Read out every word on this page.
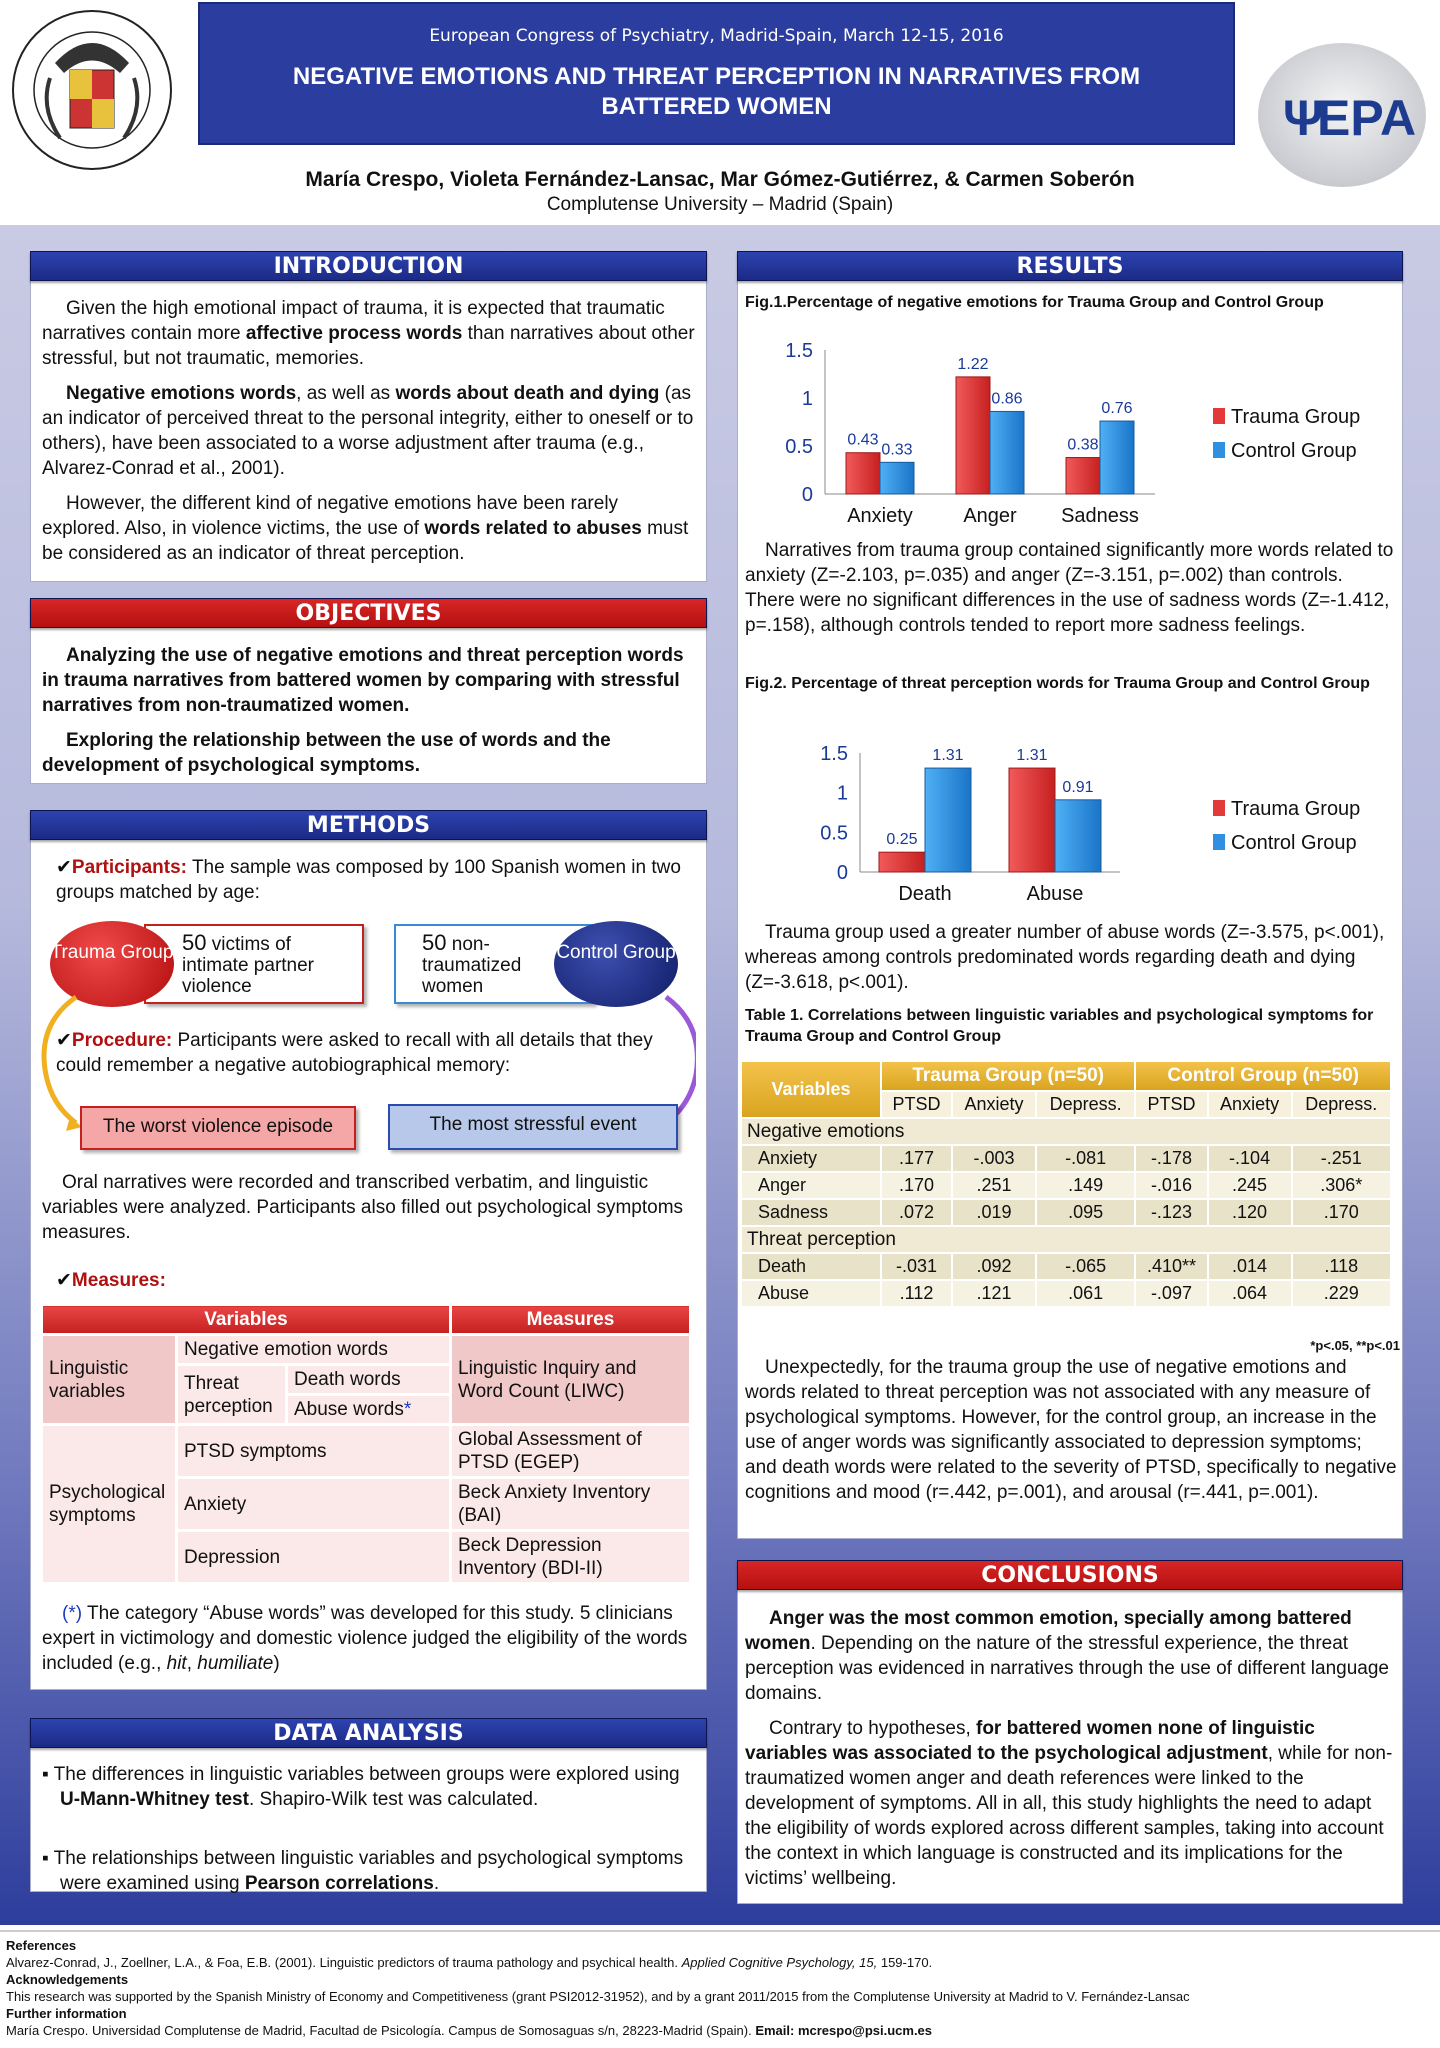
European Congress of Psychiatry, Madrid-Spain, March 12-15, 2016
NEGATIVE EMOTIONS AND THREAT PERCEPTION IN NARRATIVES FROM BATTERED WOMEN	Ψ
EPA
María Crespo, Violeta Fernández-Lansac, Mar Gómez-Gutiérrez, & Carmen Soberón
Complutense University – Madrid (Spain)
INTRODUCTION
Given the high emotional impact of trauma, it is expected that traumatic narratives contain more affective process words than narratives about other stressful, but not traumatic, memories.
Negative emotions words, as well as words about death and dying (as an indicator of perceived threat to the personal integrity, either to oneself or to others), have been associated to a worse adjustment after trauma (e.g., Alvarez-Conrad et al., 2001).
However, the different kind of negative emotions have been rarely explored. Also, in violence victims, the use of words related to abuses must be considered as an indicator of threat perception.
OBJECTIVES
Analyzing the use of negative emotions and threat perception words in trauma narratives from battered women by comparing with stressful narratives from non-traumatized women.
Exploring the relationship between the use of words and the development of psychological symptoms.
METHODS
✔Participants: The sample was composed by 100 Spanish women in two groups matched by age:
50 victims of intimate partner violence
Trauma Group	50 non-traumatized women
Control Group
✔Procedure: Participants were asked to recall with all details that they could remember a negative autobiographical memory:
The worst violence episode	The most stressful event
Oral narratives were recorded and transcribed verbatim, and linguistic variables were analyzed. Participants also filled out psychological symptoms measures.
✔Measures:
Variables			Measures
Linguistic variables	Negative emotion words		Linguistic Inquiry and Word Count (LIWC)
	Threat perception	Death words	
		Abuse words*	
Psychological symptoms	PTSD symptoms		Global Assessment of PTSD (EGEP)
	Anxiety		Beck Anxiety Inventory (BAI)
	Depression		Beck Depression Inventory (BDI-II)
(*) The category “Abuse words” was developed for this study. 5 clinicians expert in victimology and domestic violence judged the eligibility of the words included (e.g., hit, humiliate)
DATA ANALYSIS
▪ The differences in linguistic variables between groups were explored using U-Mann-Whitney test. Shapiro-Wilk test was calculated.
▪ The relationships between linguistic variables and psychological symptoms were examined using Pearson correlations.
RESULTS
Fig.1.Percentage of negative emotions for Trauma Group and Control Group
0
0.5
1
1.5
Anxiety
0.43
0.33
Anger
1.22
0.86
Sadness
0.38
0.76	Trauma Group
Control Group
Narratives from trauma group contained significantly more words related to anxiety (Z=-2.103, p=.035) and anger (Z=-3.151, p=.002) than controls. There were no significant differences in the use of sadness words (Z=-1.412, p=.158), although controls tended to report more sadness feelings.
Fig.2. Percentage of threat perception words for Trauma Group and Control Group
0
0.5
1
1.5
Death
0.25
1.31
Abuse
1.31
0.91
Trauma Group
Control Group
Trauma group used a greater number of abuse words (Z=-3.575, p<.001), whereas among controls predominated words regarding death and dying (Z=-3.618, p<.001).
Table 1. Correlations between linguistic variables and psychological symptoms for Trauma Group and Control Group
Variables	Trauma Group (n=50)			Control Group (n=50)		
	PTSD	Anxiety	Depress.	PTSD	Anxiety	Depress.
Negative emotions						
Anxiety	.177	-.003	-.081	-.178	-.104	-.251
Anger	.170	.251	.149	-.016	.245	.306*
Sadness	.072	.019	.095	-.123	.120	.170
Threat perception						
Death	-.031	.092	-.065	.410**	.014	.118
Abuse	.112	.121	.061	-.097	.064	.229
*p<.05, **p<.01
Unexpectedly, for the trauma group the use of negative emotions and words related to threat perception was not associated with any measure of psychological symptoms. However, for the control group, an increase in the use of anger words was significantly associated to depression symptoms; and death words were related to the severity of PTSD, specifically to negative cognitions and mood (r=.442, p=.001), and arousal (r=.441, p=.001).
CONCLUSIONS
Anger was the most common emotion, specially among battered women. Depending on the nature of the stressful experience, the threat perception was evidenced in narratives through the use of different language domains.
Contrary to hypotheses, for battered women none of linguistic variables was associated to the psychological adjustment, while for non-traumatized women anger and death references were linked to the development of symptoms. All in all, this study highlights the need to adapt the eligibility of words explored across different samples, taking into account the context in which language is constructed and its implications for the victims’ wellbeing.
References
Alvarez-Conrad, J., Zoellner, L.A., & Foa, E.B. (2001). Linguistic predictors of trauma pathology and psychical health. Applied Cognitive Psychology, 15, 159-170.
Acknowledgements
This research was supported by the Spanish Ministry of Economy and Competitiveness (grant PSI2012-31952), and by a grant 2011/2015 from the Complutense University at Madrid to V. Fernández-Lansac
Further information
María Crespo. Universidad Complutense de Madrid, Facultad de Psicología. Campus de Somosaguas s/n, 28223-Madrid (Spain). Email: mcrespo@psi.ucm.es
